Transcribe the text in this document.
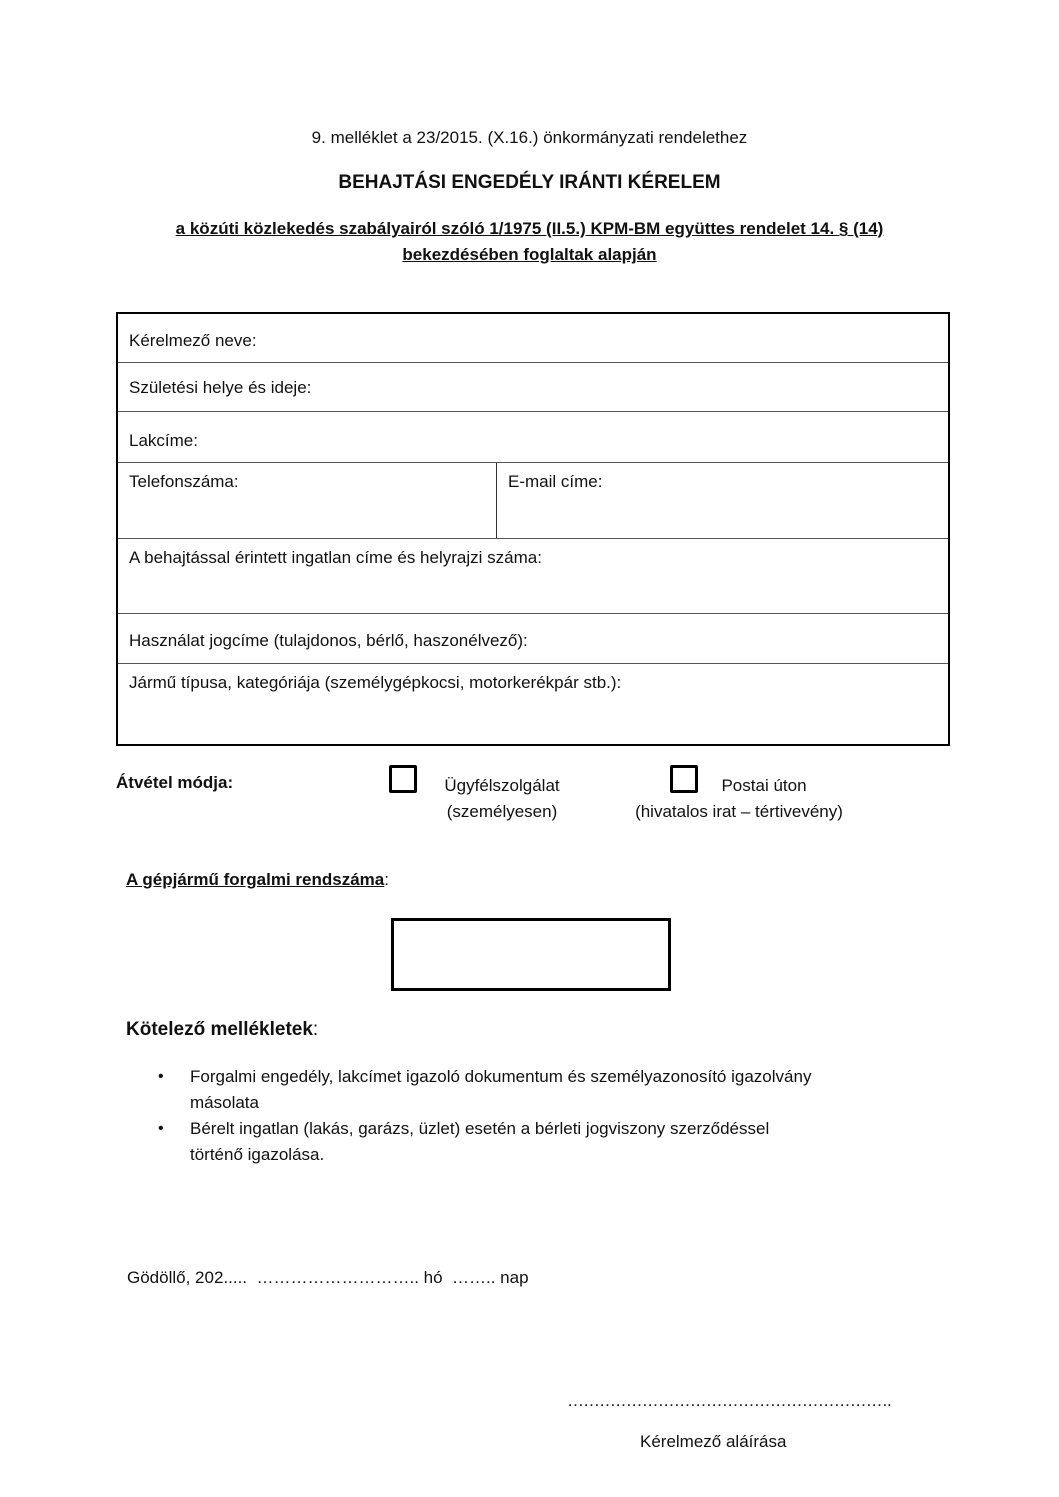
9. melléklet a 23/2015. (X.16.) önkormányzati rendelethez
BEHAJTÁSI ENGEDÉLY IRÁNTI KÉRELEM
a közúti közlekedés szabályairól szóló 1/1975 (II.5.) KPM-BM együttes rendelet 14. § (14)
bekezdésében foglaltak alapján
Kérelmező neve:
Születési helye és ideje:
Lakcíme:
Telefonszáma:	E-mail címe:
A behajtással érintett ingatlan címe és helyrajzi száma:
Használat jogcíme (tulajdonos, bérlő, haszonélvező):
Jármű típusa, kategóriája (személygépkocsi, motorkerékpár stb.):
Átvétel módja:	Ügyfélszolgálat
(személyesen)
Postai úton
(hivatalos irat – tértivevény)
A gépjármű forgalmi rendszáma:
Kötelező mellékletek:
• Forgalmi engedély, lakcímet igazoló dokumentum és személyazonosító igazolvány
másolata
• Bérelt ingatlan (lakás, garázs, üzlet) esetén a bérleti jogviszony szerződéssel
történő igazolása.
Gödöllő, 202.....  ……………………….. hó  …….. nap
…………………………………………………….
Kérelmező aláírása
